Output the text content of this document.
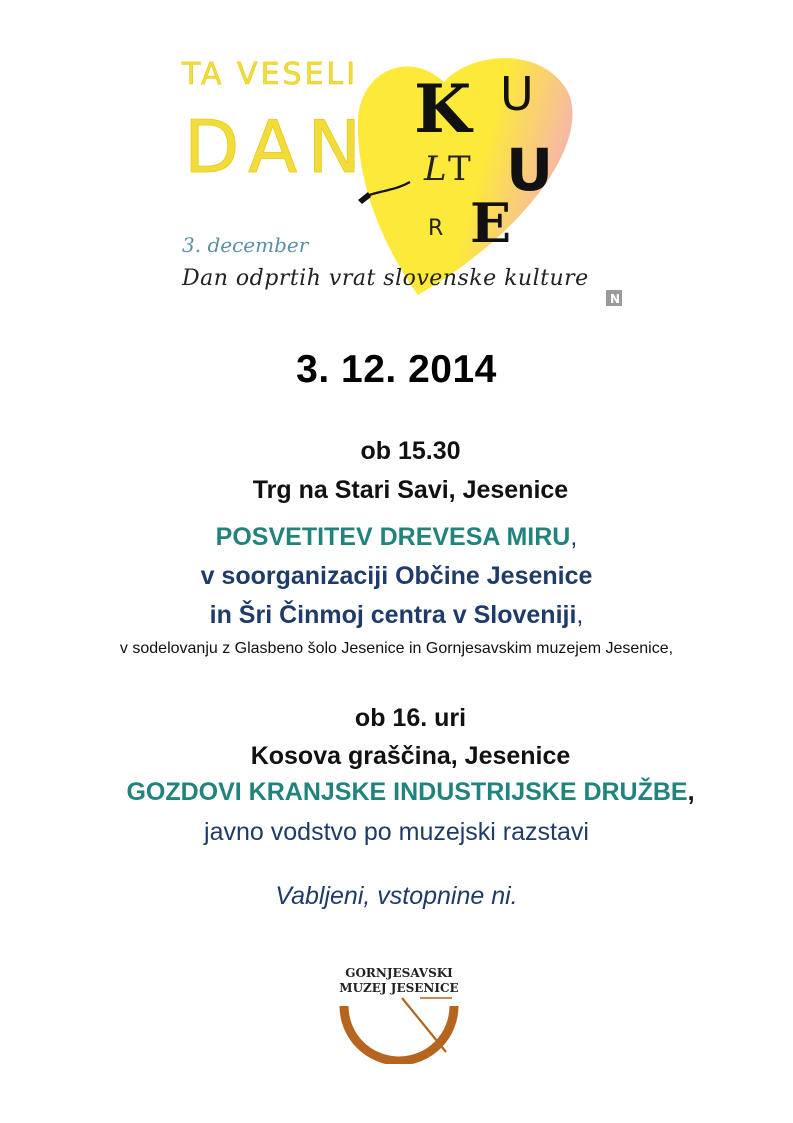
TA VESELI
DAN K U
L T U
R E
3. december
Dan odprtih vrat slovenske kulture
N
3. 12. 2014
ob 15.30
Trg na Stari Savi, Jesenice
POSVETITEV DREVESA MIRU,
v soorganizaciji Občine Jesenice
in Šri Činmoj centra v Sloveniji,
v sodelovanju z Glasbeno šolo Jesenice in Gornjesavskim muzejem Jesenice,
ob 16. uri
Kosova graščina, Jesenice
GOZDOVI KRANJSKE INDUSTRIJSKE DRUŽBE,
javno vodstvo po muzejski razstavi
Vabljeni, vstopnine ni.
GORNJESAVSKI
MUZEJ JESENICE
